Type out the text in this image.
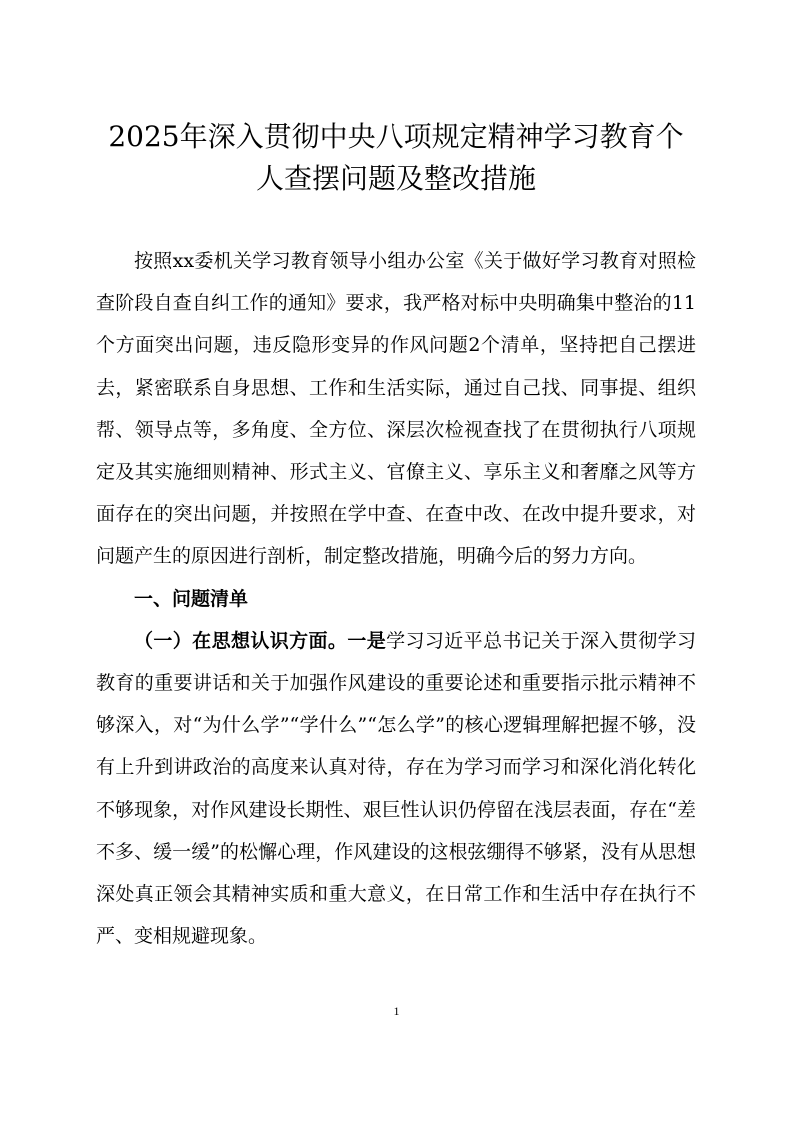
2025年深入贯彻中央八项规定精神学习教育个
人查摆问题及整改措施

按照xx委机关学习教育领导小组办公室《关于做好学习教育对照检查阶段自查自纠工作的通知》要求，我严格对标中央明确集中整治的11个方面突出问题，违反隐形变异的作风问题2个清单，坚持把自己摆进去，紧密联系自身思想、工作和生活实际，通过自己找、同事提、组织帮、领导点等，多角度、全方位、深层次检视查找了在贯彻执行八项规定及其实施细则精神、形式主义、官僚主义、享乐主义和奢靡之风等方面存在的突出问题，并按照在学中查、在查中改、在改中提升要求，对问题产生的原因进行剖析，制定整改措施，明确今后的努力方向。

一、问题清单

（一）在思想认识方面。一是学习习近平总书记关于深入贯彻学习教育的重要讲话和关于加强作风建设的重要论述和重要指示批示精神不够深入，对“为什么学”“学什么”“怎么学”的核心逻辑理解把握不够，没有上升到讲政治的高度来认真对待，存在为学习而学习和深化消化转化不够现象，对作风建设长期性、艰巨性认识仍停留在浅层表面，存在“差不多、缓一缓”的松懈心理，作风建设的这根弦绷得不够紧，没有从思想深处真正领会其精神实质和重大意义，在日常工作和生活中存在执行不严、变相规避现象。

1
